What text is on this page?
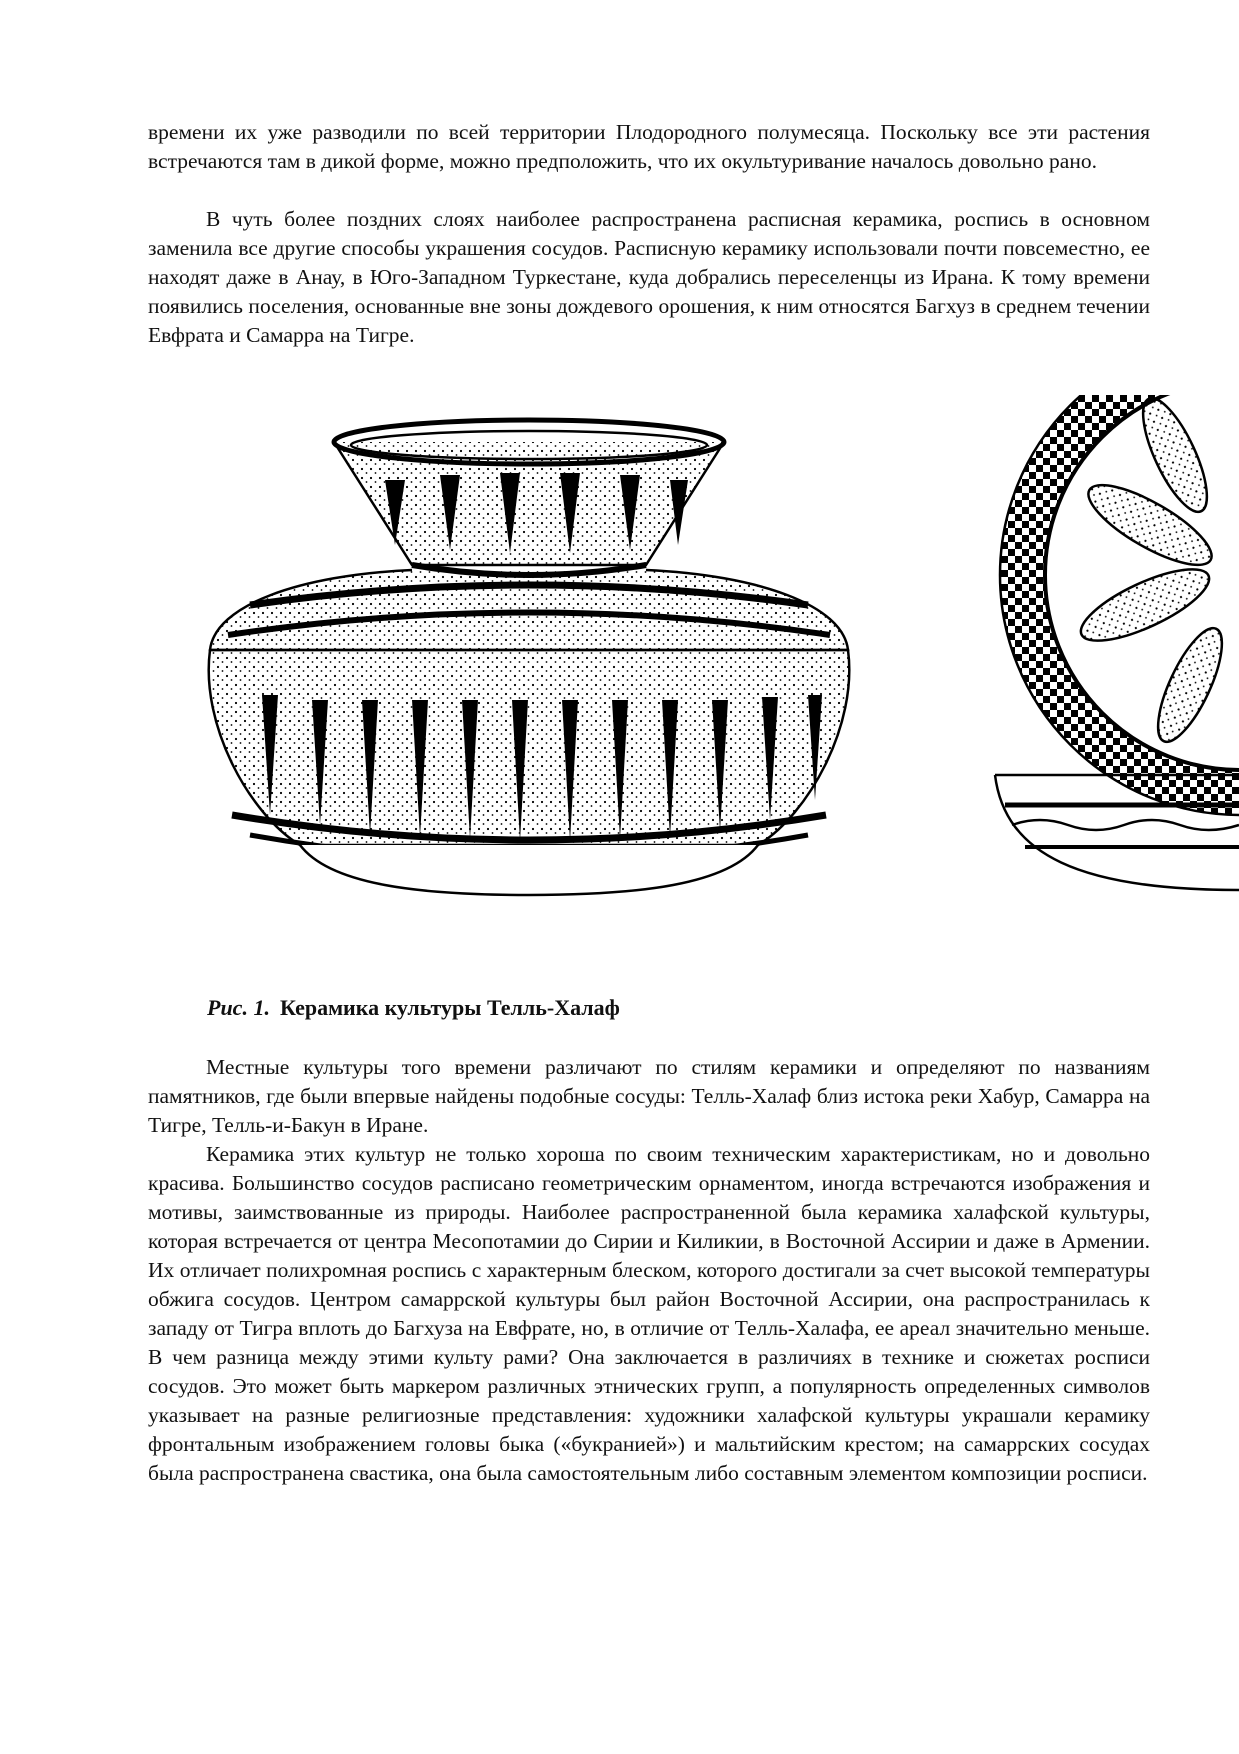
времени их уже разводили по всей территории Плодородного полумесяца. Поскольку все эти растения встречаются там в дикой форме, можно предположить, что их окультуривание началось довольно рано.

В чуть более поздних слоях наиболее распространена расписная керамика, роспись в основном заменила все другие способы украшения сосудов. Расписную керамику использовали почти повсеместно, ее находят даже в Анау, в Юго-Западном Туркестане, куда добрались переселенцы из Ирана. К тому времени появились поселения, основанные вне зоны дождевого орошения, к ним относятся Багхуз в среднем течении Евфрата и Самарра на Тигре.

Рис. 1. Керамика культуры Телль-Халаф

Местные культуры того времени различают по стилям керамики и определяют по названиям памятников, где были впервые найдены подобные сосуды: Телль-Халаф близ истока реки Хабур, Самарра на Тигре, Телль-и-Бакун в Иране.

Керамика этих культур не только хороша по своим техническим характеристикам, но и довольно красива. Большинство сосудов расписано геометрическим орнаментом, иногда встречаются изображения и мотивы, заимствованные из природы. Наиболее распространенной была керамика халафской культуры, которая встречается от центра Месопотамии до Сирии и Киликии, в Восточной Ассирии и даже в Армении. Их отличает полихромная роспись с характерным блеском, которого достигали за счет высокой температуры обжига сосудов. Центром самаррской культуры был район Восточной Ассирии, она распространилась к западу от Тигра вплоть до Багхуза на Евфрате, но, в отличие от Телль-Халафа, ее ареал значительно меньше. В чем разница между этими культу рами? Она заключается в различиях в технике и сюжетах росписи сосудов. Это может быть маркером различных этнических групп, а популярность определенных символов указывает на разные религиозные представления: художники халафской культуры украшали керамику фронтальным изображением головы быка («букранией») и мальтийским крестом; на самаррских сосудах была распространена свастика, она была самостоятельным либо составным элементом композиции росписи.
